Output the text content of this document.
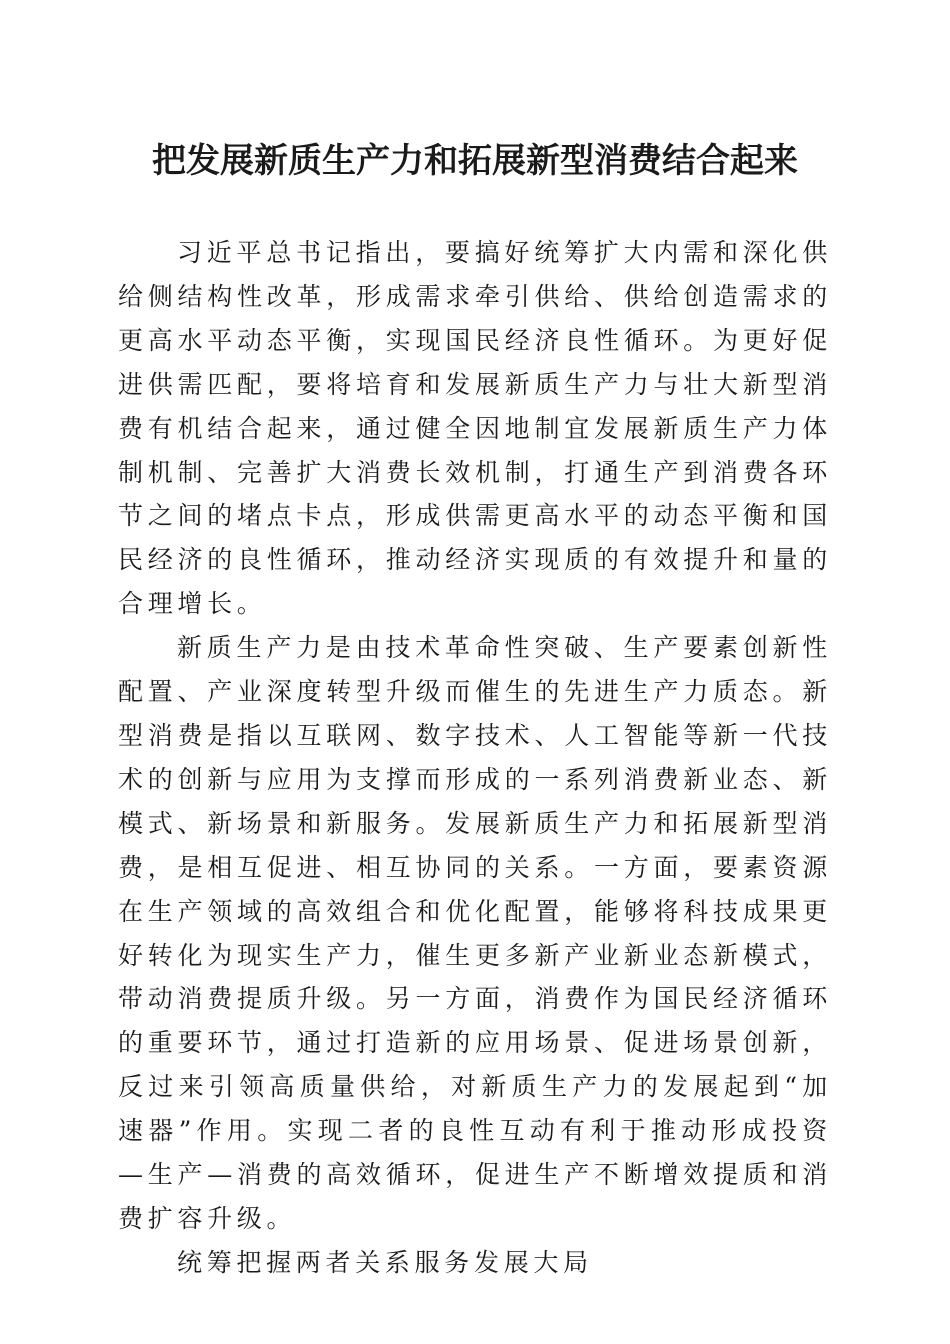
把发展新质生产力和拓展新型消费结合起来

习近平总书记指出，要搞好统筹扩大内需和深化供给侧结构性改革，形成需求牵引供给、供给创造需求的更高水平动态平衡，实现国民经济良性循环。为更好促进供需匹配，要将培育和发展新质生产力与壮大新型消费有机结合起来，通过健全因地制宜发展新质生产力体制机制、完善扩大消费长效机制，打通生产到消费各环节之间的堵点卡点，形成供需更高水平的动态平衡和国民经济的良性循环，推动经济实现质的有效提升和量的合理增长。

新质生产力是由技术革命性突破、生产要素创新性配置、产业深度转型升级而催生的先进生产力质态。新型消费是指以互联网、数字技术、人工智能等新一代技术的创新与应用为支撑而形成的一系列消费新业态、新模式、新场景和新服务。发展新质生产力和拓展新型消费，是相互促进、相互协同的关系。一方面，要素资源在生产领域的高效组合和优化配置，能够将科技成果更好转化为现实生产力，催生更多新产业新业态新模式，带动消费提质升级。另一方面，消费作为国民经济循环的重要环节，通过打造新的应用场景、促进场景创新，反过来引领高质量供给，对新质生产力的发展起到“加速器”作用。实现二者的良性互动有利于推动形成投资—生产—消费的高效循环，促进生产不断增效提质和消费扩容升级。

统筹把握两者关系服务发展大局
